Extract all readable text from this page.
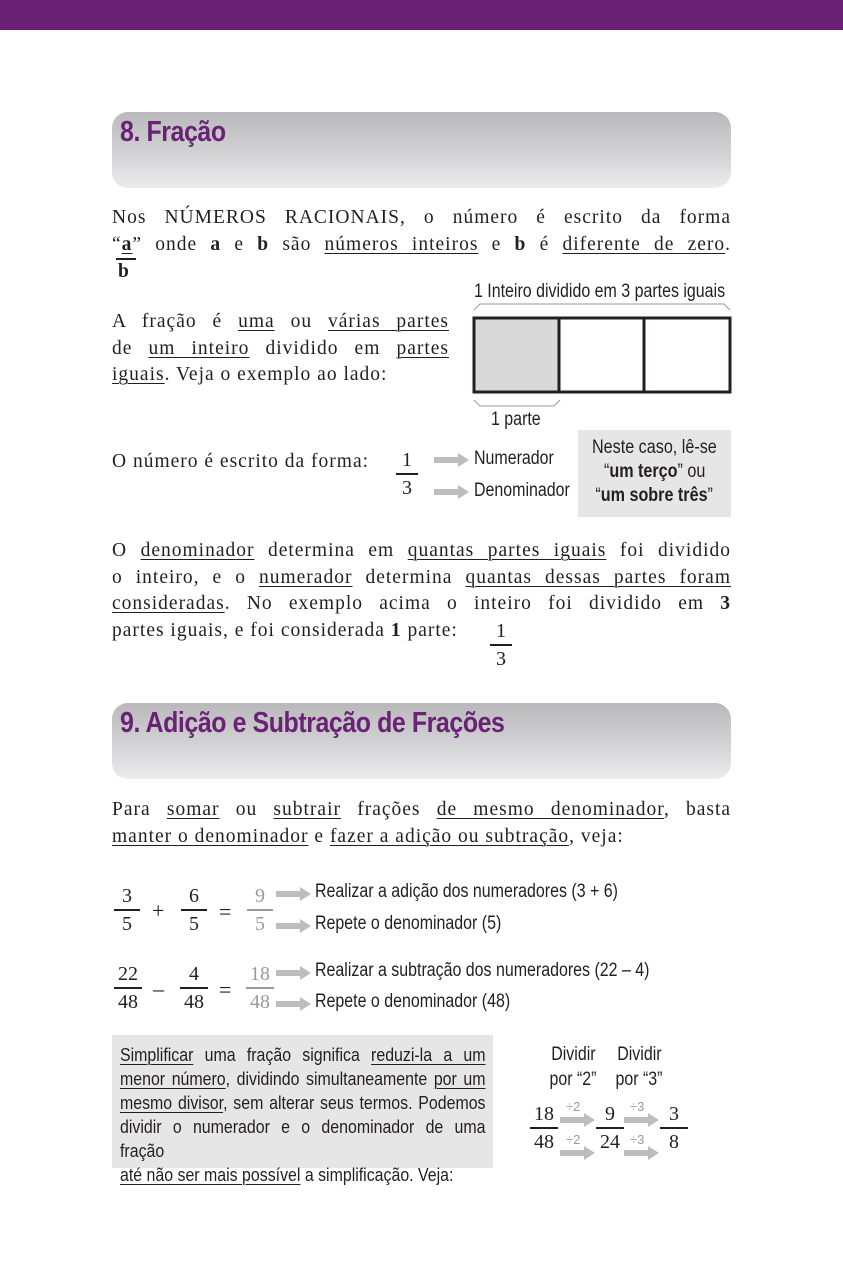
8. Fração
Nos NÚMEROS RACIONAIS, o número é escrito da forma
“a” onde a e b são números inteiros e b é diferente de zero.
b
1 Inteiro dividido em 3 partes iguais
1 parte
A fração é uma ou várias partes
de um inteiro dividido em partes
iguais. Veja o exemplo ao lado:
O número é escrito da forma:	1
3
Numerador
Denominador
Neste caso, lê-se
“um terço” ou
“um sobre três”
O denominador determina em quantas partes iguais foi dividido
o inteiro, e o numerador determina quantas dessas partes foram
consideradas. No exemplo acima o inteiro foi dividido em 3
partes iguais, e foi considerada 1 parte:	1
3
9. Adição e Subtração de Frações
Para somar ou subtrair frações de mesmo denominador, basta
manter o denominador e fazer a adição ou subtração, veja:
3
5
+
6
5 =
9
5
Realizar a adição dos numeradores (3 + 6)
Repete o denominador (5)
22
48
–
4
48 =
18
48
Realizar a subtração dos numeradores (22 – 4)
Repete o denominador (48)
Simplificar uma fração significa reduzi-la a um
menor número, dividindo simultaneamente por um
mesmo divisor, sem alterar seus termos. Podemos
dividir o numerador e o denominador de uma fração
até não ser mais possível a simplificação. Veja:
Dividir
por “2”
Dividir
por “3”
18
48
9
24
3
8
÷2
÷2
÷3
÷3
